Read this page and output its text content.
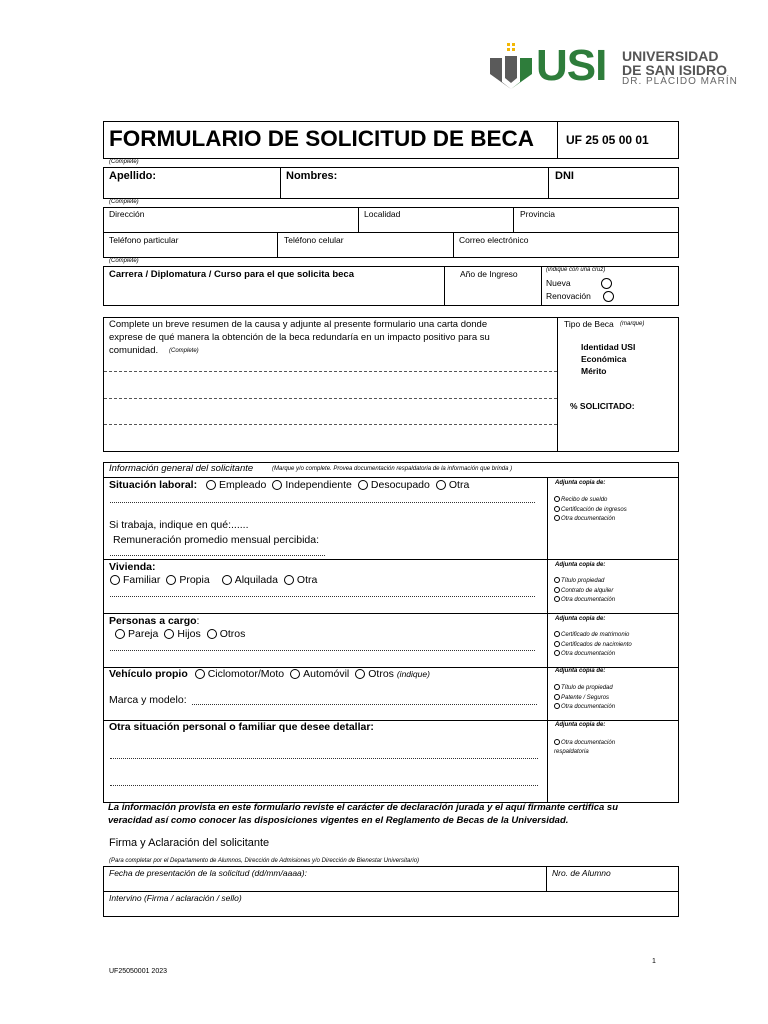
USI UNIVERSIDAD
DE SAN ISIDRO
DR. PLÁCIDO MARÍN
FORMULARIO DE SOLICITUD DE BECA	UF 25 05 00 01
(Complete)
Apellido:	Nombres:	DNI
(Complete)
Dirección	Localidad	Provincia
Teléfono particular	Teléfono celular	Correo electrónico
(Complete)
Carrera / Diplomatura / Curso para el que solicita beca	Año de Ingreso	(indique con una cruz)
Nueva
Renovación
Complete un breve resumen de la causa y adjunte al presente formulario una carta donde
exprese de qué manera la obtención de la beca redundaría en un impacto positivo para su
comunidad. (Complete)
Tipo de Beca (marque)
Identidad USI
Económica
Mérito
% SOLICITADO:
Información general del solicitante	(Marque y/o complete. Provea documentación respaldatoria de la información que brinda )
Situación laboral: Empleado Independiente Desocupado Otra
Si trabaja, indique en qué:......
Remuneración promedio mensual percibida:
Adjunta copia de:
Recibo de sueldo
Certificación de ingresos
Otra documentación
Vivienda:
Familiar Propia Alquilada Otra
Adjunta copia de:
Título propiedad
Contrato de alquiler
Otra documentación
Personas a cargo:
Pareja Hijos Otros
Adjunta copia de:
Certificado de matrimonio
Certificados de nacimiento
Otra documentación
Vehículo propio Ciclomotor/Moto Automóvil Otros (indique)
Marca y modelo:
Adjunta copia de:
Título de propiedad
Patente / Seguros
Otra documentación
Otra situación personal o familiar que desee detallar:	Adjunta copia de:
Otra documentación
respaldatoria
La información provista en este formulario reviste el carácter de declaración jurada y el aquí firmante certifica su
veracidad así como conocer las disposiciones vigentes en el Reglamento de Becas de la Universidad.
Firma y Aclaración del solicitante
(Para completar por el Departamento de Alumnos, Dirección de Admisiones y/o Dirección de Bienestar Universitario)
Fecha de presentación de la solicitud (dd/mm/aaaa):	Nro. de Alumno
Intervino (Firma / aclaración / sello)
1
UF25050001 2023
